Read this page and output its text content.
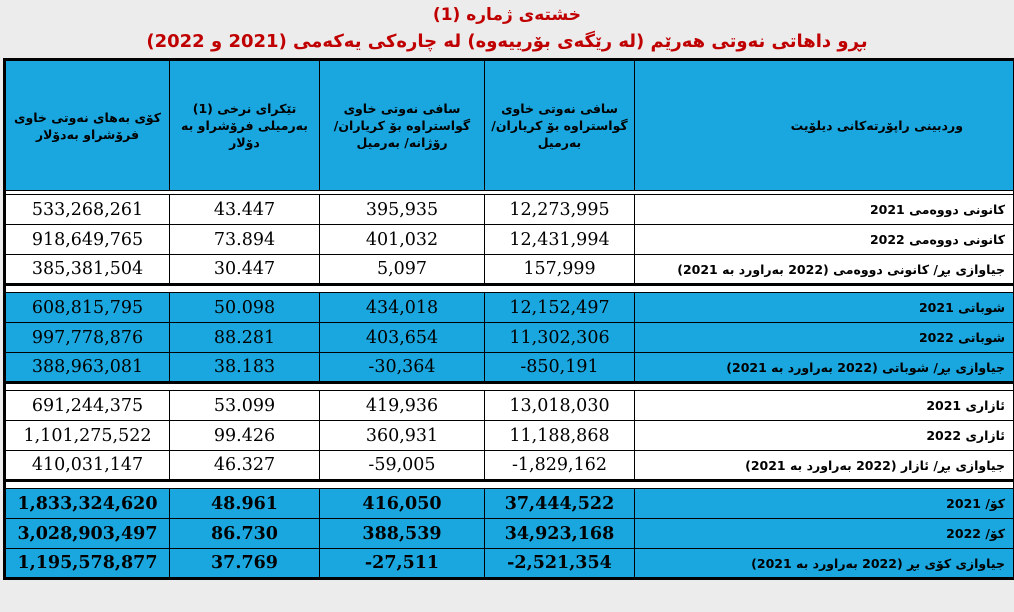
خشتەی ژمارە (1)
بڕو داهاتی نەوتی هەرێم (لە رێگەی بۆرییەوە) لە چارەکی یەکەمی (2021 و 2022)
کۆی بەهای نەوتی خاوی فرۆشراو بەدۆلار	تێکرای نرخی (1) بەرمیلی فرۆشراو بە دۆلار	سافی نەوتی خاوی گواستراوە بۆ کریاران/ رۆژانە/ بەرمیل	سافی نەوتی خاوی گواستراوە بۆ کریاران/ بەرمیل	وردبینی راپۆرتەکانی دیلۆیت

533,268,261	43.447	395,935	12,273,995	کانونی دووەمی 2021
918,649,765	73.894	401,032	12,431,994	کانونی دووەمی 2022
385,381,504	30.447	5,097	157,999	جیاوازی بڕ/ کانونی دووەمی (2022 بەراورد بە 2021)

608,815,795	50.098	434,018	12,152,497	شوباتی 2021
997,778,876	88.281	403,654	11,302,306	شوباتی 2022
388,963,081	38.183	-30,364	-850,191	جیاوازی بڕ/ شوباتی (2022 بەراورد بە 2021)

691,244,375	53.099	419,936	13,018,030	ئازاری 2021
1,101,275,522	99.426	360,931	11,188,868	ئازاری 2022
410,031,147	46.327	-59,005	-1,829,162	جیاوازی بڕ/ ئازار (2022 بەراورد بە 2021)

1,833,324,620	48.961	416,050	37,444,522	کۆ/ 2021
3,028,903,497	86.730	388,539	34,923,168	کۆ/ 2022
1,195,578,877	37.769	-27,511	-2,521,354	جیاوازی کۆی بڕ (2022 بەراورد بە 2021)
